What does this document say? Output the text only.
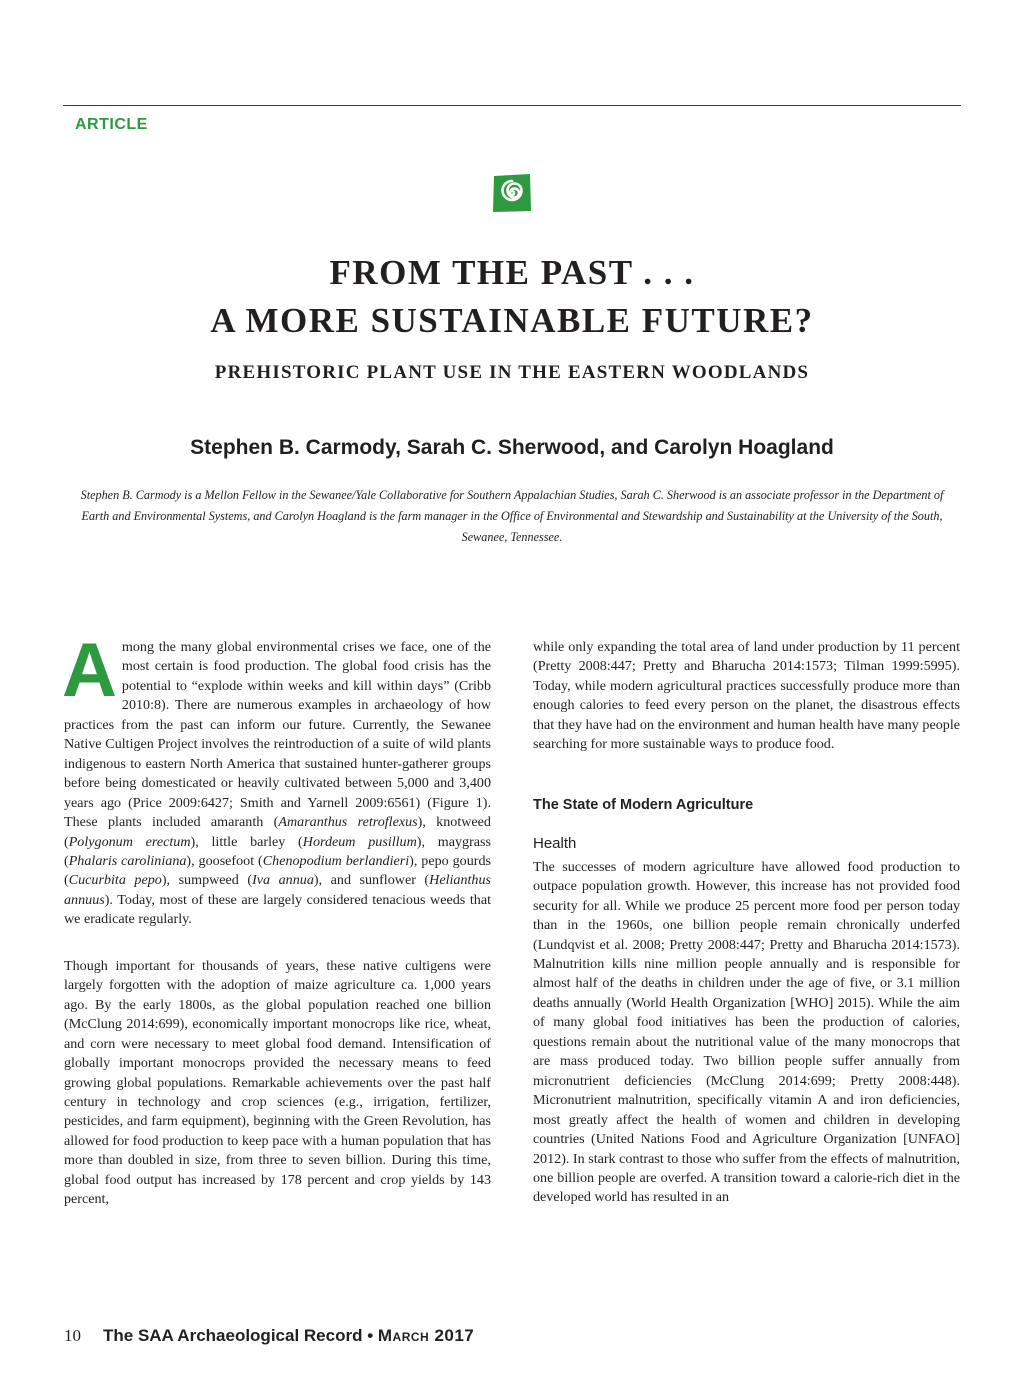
ARTICLE
FROM THE PAST . . .
A MORE SUSTAINABLE FUTURE?
PREHISTORIC PLANT USE IN THE EASTERN WOODLANDS
Stephen B. Carmody, Sarah C. Sherwood, and Carolyn Hoagland
Stephen B. Carmody is a Mellon Fellow in the Sewanee/Yale Collaborative for Southern Appalachian Studies, Sarah C. Sherwood is an associate professor in the Department of Earth and Environmental Systems, and Carolyn Hoagland is the farm manager in the Office of Environmental and Stewardship and Sustainability at the University of the South, Sewanee, Tennessee.

Among the many global environmental crises we face, one of the most certain is food production. The global food crisis has the potential to “explode within weeks and kill within days” (Cribb 2010:8). There are numerous examples in archaeology of how practices from the past can inform our future. Currently, the Sewanee Native Cultigen Project involves the reintroduction of a suite of wild plants indigenous to eastern North America that sustained hunter-gatherer groups before being domesticated or heavily cultivated between 5,000 and 3,400 years ago (Price 2009:6427; Smith and Yarnell 2009:6561) (Figure 1). These plants included amaranth (Amaranthus retroflexus), knotweed (Polygonum erectum), little barley (Hordeum pusillum), maygrass (Phalaris caroliniana), goosefoot (Chenopodium berlandieri), pepo gourds (Cucurbita pepo), sumpweed (Iva annua), and sunflower (Helianthus annuus). Today, most of these are largely considered tenacious weeds that we eradicate regularly.

Though important for thousands of years, these native cultigens were largely forgotten with the adoption of maize agriculture ca. 1,000 years ago. By the early 1800s, as the global population reached one billion (McClung 2014:699), economically important monocrops like rice, wheat, and corn were necessary to meet global food demand. Intensification of globally important monocrops provided the necessary means to feed growing global populations. Remarkable achievements over the past half century in technology and crop sciences (e.g., irrigation, fertilizer, pesticides, and farm equipment), beginning with the Green Revolution, has allowed for food production to keep pace with a human population that has more than doubled in size, from three to seven billion. During this time, global food output has increased by 178 percent and crop yields by 143 percent,

while only expanding the total area of land under production by 11 percent (Pretty 2008:447; Pretty and Bharucha 2014:1573; Tilman 1999:5995). Today, while modern agricultural practices successfully produce more than enough calories to feed every person on the planet, the disastrous effects that they have had on the environment and human health have many people searching for more sustainable ways to produce food.

The State of Modern Agriculture
Health

The successes of modern agriculture have allowed food production to outpace population growth. However, this increase has not provided food security for all. While we produce 25 percent more food per person today than in the 1960s, one billion people remain chronically underfed (Lundqvist et al. 2008; Pretty 2008:447; Pretty and Bharucha 2014:1573). Malnutrition kills nine million people annually and is responsible for almost half of the deaths in children under the age of five, or 3.1 million deaths annually (World Health Organization [WHO] 2015). While the aim of many global food initiatives has been the production of calories, questions remain about the nutritional value of the many monocrops that are mass produced today. Two billion people suffer annually from micronutrient deficiencies (McClung 2014:699; Pretty 2008:448). Micronutrient malnutrition, specifically vitamin A and iron deficiencies, most greatly affect the health of women and children in developing countries (United Nations Food and Agriculture Organization [UNFAO] 2012). In stark contrast to those who suffer from the effects of malnutrition, one billion people are overfed. A transition toward a calorie-rich diet in the developed world has resulted in an

10 The SAA Archaeological Record • March 2017
